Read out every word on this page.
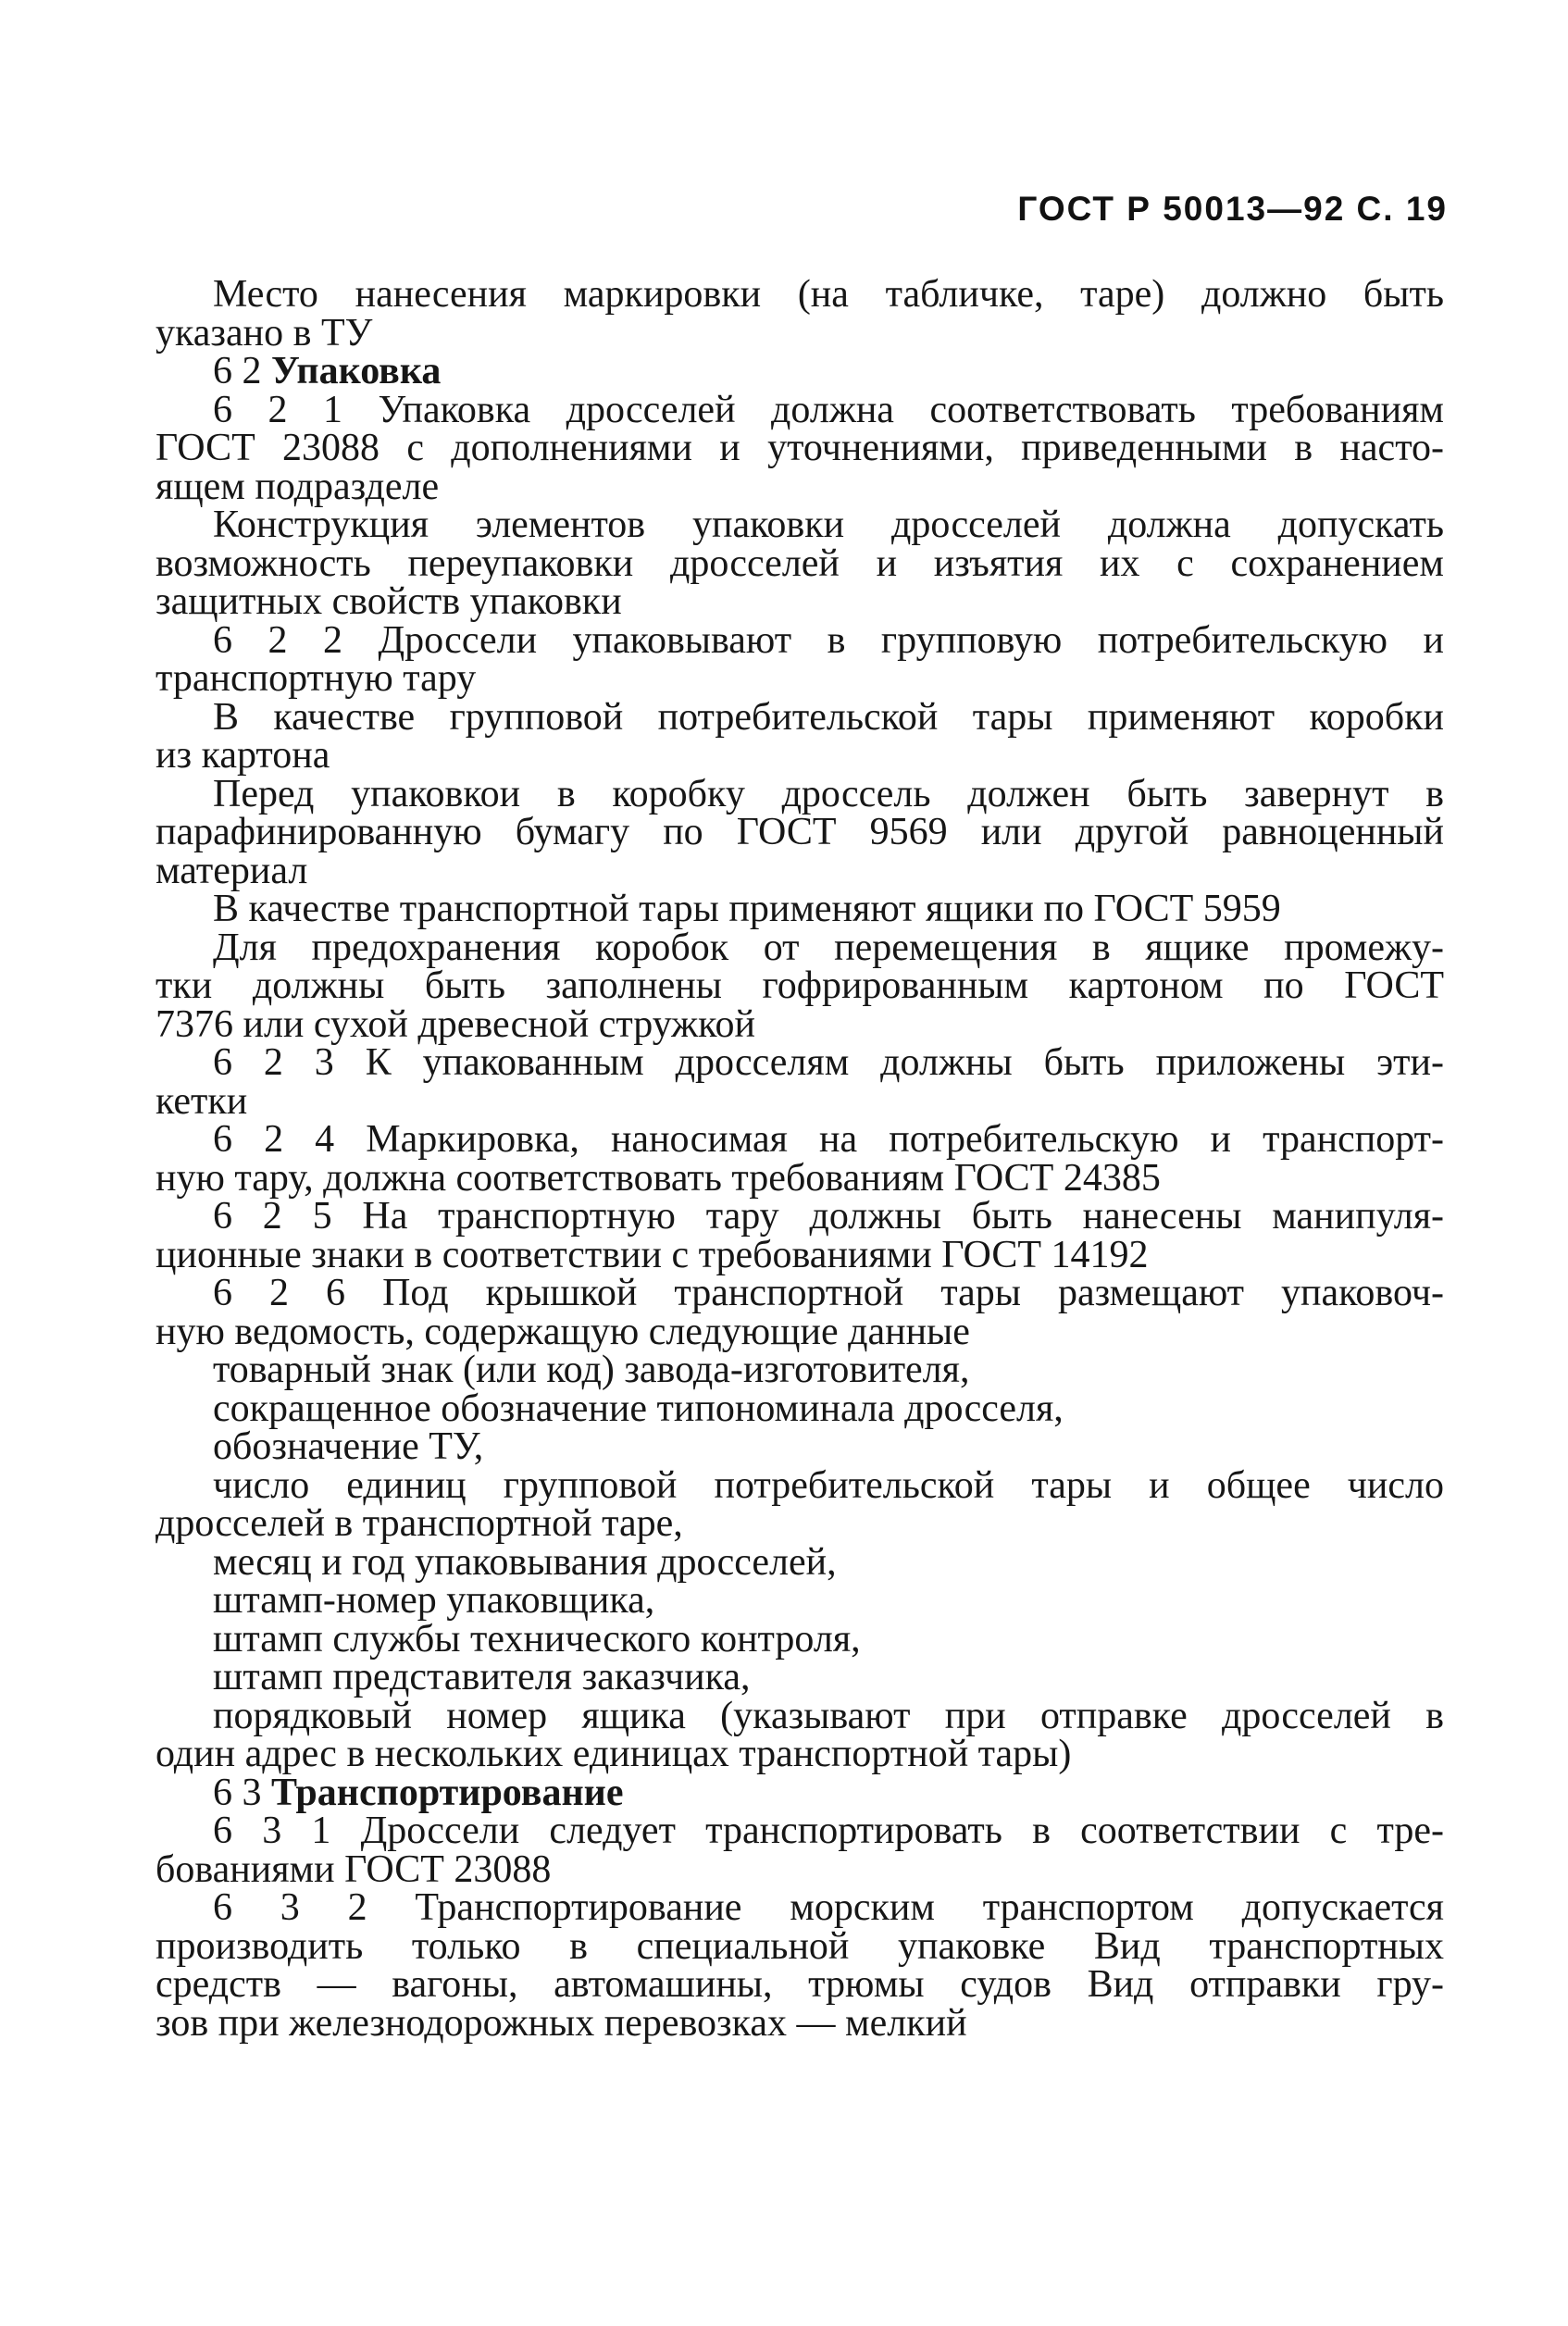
ГОСТ Р 50013—92 С. 19
Место нанесения маркировки (на табличке, таре) должно быть
указано в ТУ
6 2 Упаковка
6 2 1 Упаковка дросселей должна соответствовать требованиям
ГОСТ 23088 с дополнениями и уточнениями, приведенными в насто-
ящем подразделе
Конструкция элементов упаковки дросселей должна допускать
возможность переупаковки дросселей и изъятия их с сохранением
защитных свойств упаковки
6 2 2 Дроссели упаковывают в групповую потребительскую и
транспортную тару
В качестве групповой потребительской тары применяют коробки
из картона
Перед упаковкои в коробку дроссель должен быть завернут в
парафинированную бумагу по ГОСТ 9569 или другой равноценный
материал
В качестве транспортной тары применяют ящики по ГОСТ 5959
Для предохранения коробок от перемещения в ящике промежу-
тки должны быть заполнены гофрированным картоном по ГОСТ
7376 или сухой древесной стружкой
6 2 3 К упакованным дросселям должны быть приложены эти-
кетки
6 2 4 Маркировка, наносимая на потребительскую и транспорт-
ную тару, должна соответствовать требованиям ГОСТ 24385
6 2 5 На транспортную тару должны быть нанесены манипуля-
ционные знаки в соответствии с требованиями ГОСТ 14192
6 2 6 Под крышкой транспортной тары размещают упаковоч-
ную ведомость, содержащую следующие данные
товарный знак (или код) завода-изготовителя,
сокращенное обозначение типономинала дросселя,
обозначение ТУ,
число единиц групповой потребительской тары и общее число
дросселей в транспортной таре,
месяц и год упаковывания дросселей,
штамп-номер упаковщика,
штамп службы технического контроля,
штамп представителя заказчика,
порядковый номер ящика (указывают при отправке дросселей в
один адрес в нескольких единицах транспортной тары)
6 3 Транспортирование
6 3 1 Дроссели следует транспортировать в соответствии с тре-
бованиями ГОСТ 23088
6 3 2 Транспортирование морским транспортом допускается
производить только в специальной упаковке Вид транспортных
средств — вагоны, автомашины, трюмы судов Вид отправки гру-
зов при железнодорожных перевозках — мелкий
